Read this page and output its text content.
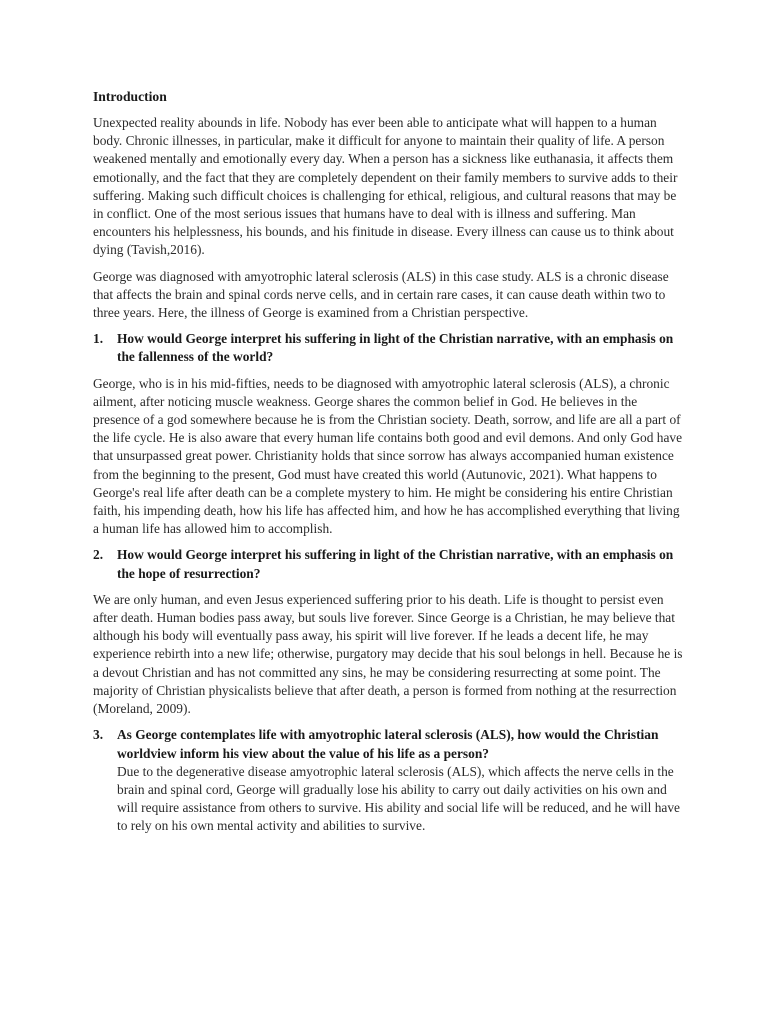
Introduction

Unexpected reality abounds in life. Nobody has ever been able to anticipate what will happen to a human body. Chronic illnesses, in particular, make it difficult for anyone to maintain their quality of life. A person weakened mentally and emotionally every day. When a person has a sickness like euthanasia, it affects them emotionally, and the fact that they are completely dependent on their family members to survive adds to their suffering. Making such difficult choices is challenging for ethical, religious, and cultural reasons that may be in conflict. One of the most serious issues that humans have to deal with is illness and suffering. Man encounters his helplessness, his bounds, and his finitude in disease. Every illness can cause us to think about dying (Tavish,2016).

George was diagnosed with amyotrophic lateral sclerosis (ALS) in this case study. ALS is a chronic disease that affects the brain and spinal cords nerve cells, and in certain rare cases, it can cause death within two to three years. Here, the illness of George is examined from a Christian perspective.

1.	How would George interpret his suffering in light of the Christian narrative, with an emphasis on the fallenness of the world?

George, who is in his mid-fifties, needs to be diagnosed with amyotrophic lateral sclerosis (ALS), a chronic ailment, after noticing muscle weakness. George shares the common belief in God. He believes in the presence of a god somewhere because he is from the Christian society. Death, sorrow, and life are all a part of the life cycle. He is also aware that every human life contains both good and evil demons. And only God have that unsurpassed great power. Christianity holds that since sorrow has always accompanied human existence from the beginning to the present, God must have created this world (Autunovic, 2021). What happens to George's real life after death can be a complete mystery to him. He might be considering his entire Christian faith, his impending death, how his life has affected him, and how he has accomplished everything that living a human life has allowed him to accomplish.

2.	How would George interpret his suffering in light of the Christian narrative, with an emphasis on the hope of resurrection?

We are only human, and even Jesus experienced suffering prior to his death. Life is thought to persist even after death. Human bodies pass away, but souls live forever. Since George is a Christian, he may believe that although his body will eventually pass away, his spirit will live forever. If he leads a decent life, he may experience rebirth into a new life; otherwise, purgatory may decide that his soul belongs in hell. Because he is a devout Christian and has not committed any sins, he may be considering resurrecting at some point. The majority of Christian physicalists believe that after death, a person is formed from nothing at the resurrection (Moreland, 2009).

3.	As George contemplates life with amyotrophic lateral sclerosis (ALS), how would the Christian worldview inform his view about the value of his life as a person?

Due to the degenerative disease amyotrophic lateral sclerosis (ALS), which affects the nerve cells in the brain and spinal cord, George will gradually lose his ability to carry out daily activities on his own and will require assistance from others to survive. His ability and social life will be reduced, and he will have to rely on his own mental activity and abilities to survive.
